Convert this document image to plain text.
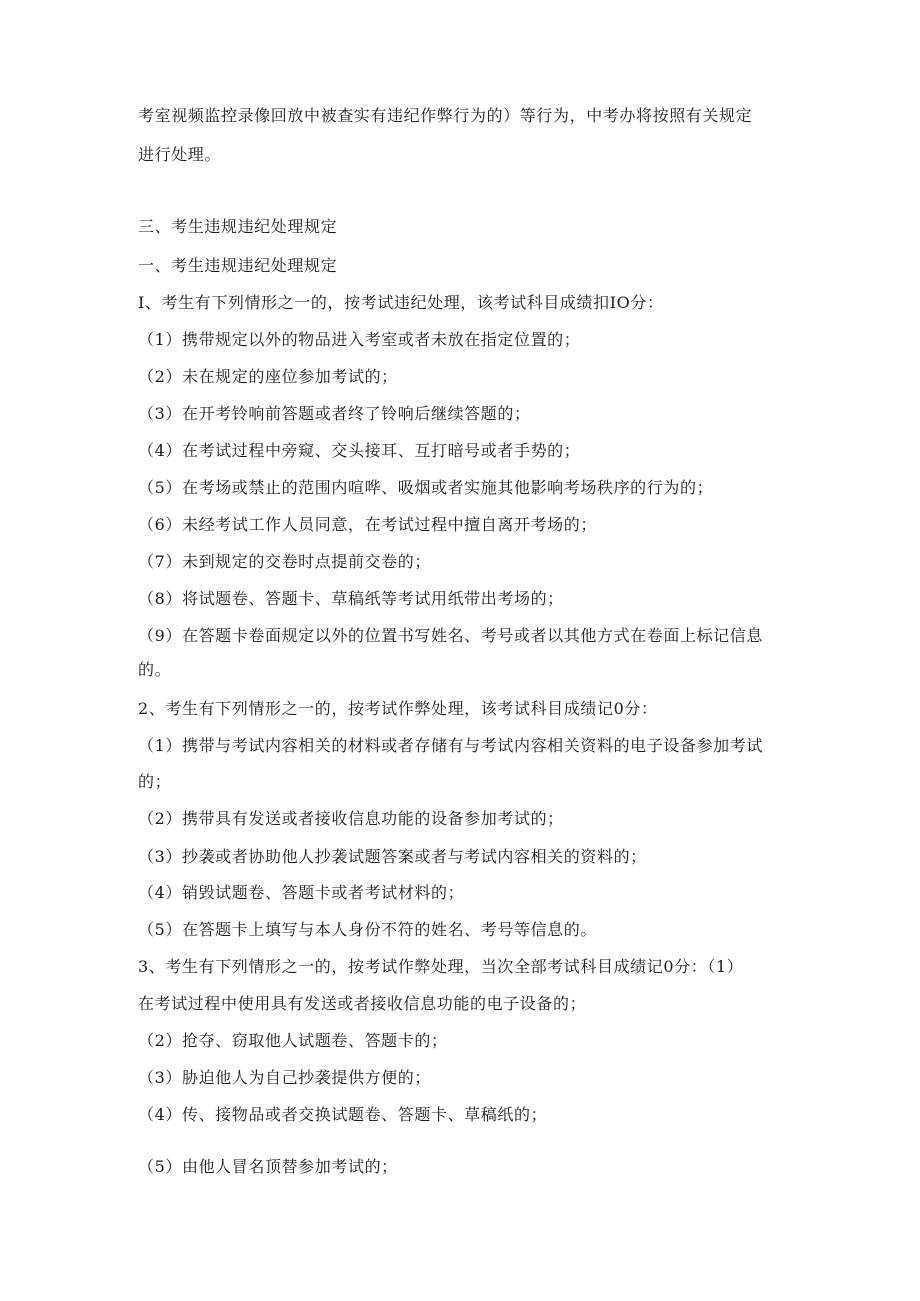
考室视频监控录像回放中被查实有违纪作弊行为的）等行为，中考办将按照有关规定
进行处理。
三、考生违规违纪处理规定
一、考生违规违纪处理规定
I、考生有下列情形之一的，按考试违纪处理，该考试科目成绩扣IO分：
（1）携带规定以外的物品进入考室或者未放在指定位置的；
（2）未在规定的座位参加考试的；
（3）在开考铃响前答题或者终了铃响后继续答题的；
（4）在考试过程中旁窥、交头接耳、互打暗号或者手势的；
（5）在考场或禁止的范围内喧哗、吸烟或者实施其他影响考场秩序的行为的；
（6）未经考试工作人员同意，在考试过程中擅自离开考场的；
（7）未到规定的交卷时点提前交卷的；
（8）将试题卷、答题卡、草稿纸等考试用纸带出考场的；
（9）在答题卡卷面规定以外的位置书写姓名、考号或者以其他方式在卷面上标记信息
的。
2、考生有下列情形之一的，按考试作弊处理，该考试科目成绩记0分：
（1）携带与考试内容相关的材料或者存储有与考试内容相关资料的电子设备参加考试
的；
（2）携带具有发送或者接收信息功能的设备参加考试的；
（3）抄袭或者协助他人抄袭试题答案或者与考试内容相关的资料的；
（4）销毁试题卷、答题卡或者考试材料的；
（5）在答题卡上填写与本人身份不符的姓名、考号等信息的。
3、考生有下列情形之一的，按考试作弊处理，当次全部考试科目成绩记0分：（1）
在考试过程中使用具有发送或者接收信息功能的电子设备的；
（2）抢夺、窃取他人试题卷、答题卡的；
（3）胁迫他人为自己抄袭提供方便的；
（4）传、接物品或者交换试题卷、答题卡、草稿纸的；
（5）由他人冒名顶替参加考试的；
